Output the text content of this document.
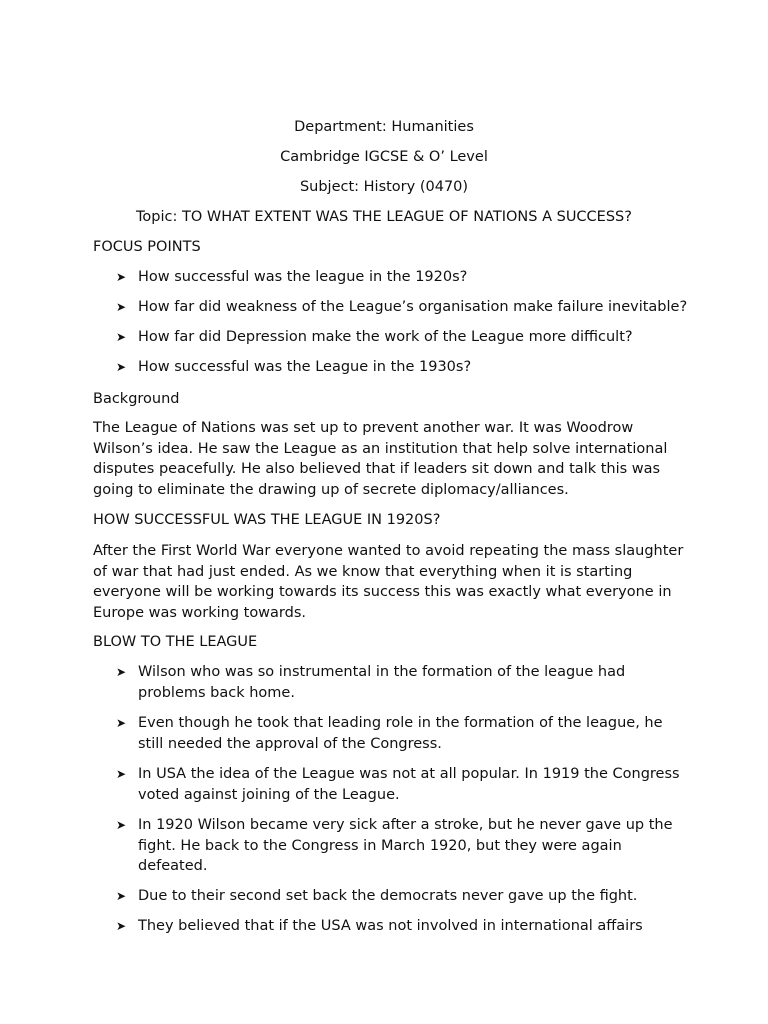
Department: Humanities
Cambridge IGCSE & O’ Level
Subject: History (0470)
Topic: TO WHAT EXTENT WAS THE LEAGUE OF NATIONS A SUCCESS?
FOCUS POINTS
➤ How successful was the league in the 1920s?
➤ How far did weakness of the League’s organisation make failure inevitable?
➤ How far did Depression make the work of the League more difficult?
➤ How successful was the League in the 1930s?
Background
The League of Nations was set up to prevent another war. It was Woodrow
Wilson’s idea. He saw the League as an institution that help solve international
disputes peacefully. He also believed that if leaders sit down and talk this was
going to eliminate the drawing up of secrete diplomacy/alliances.
HOW SUCCESSFUL WAS THE LEAGUE IN 1920S?
After the First World War everyone wanted to avoid repeating the mass slaughter
of war that had just ended. As we know that everything when it is starting
everyone will be working towards its success this was exactly what everyone in
Europe was working towards.
BLOW TO THE LEAGUE
➤ Wilson who was so instrumental in the formation of the league had
problems back home.
➤ Even though he took that leading role in the formation of the league, he
still needed the approval of the Congress.
➤ In USA the idea of the League was not at all popular. In 1919 the Congress
voted against joining of the League.
➤ In 1920 Wilson became very sick after a stroke, but he never gave up the
fight. He back to the Congress in March 1920, but they were again
defeated.
➤ Due to their second set back the democrats never gave up the fight.
➤ They believed that if the USA was not involved in international affairs
